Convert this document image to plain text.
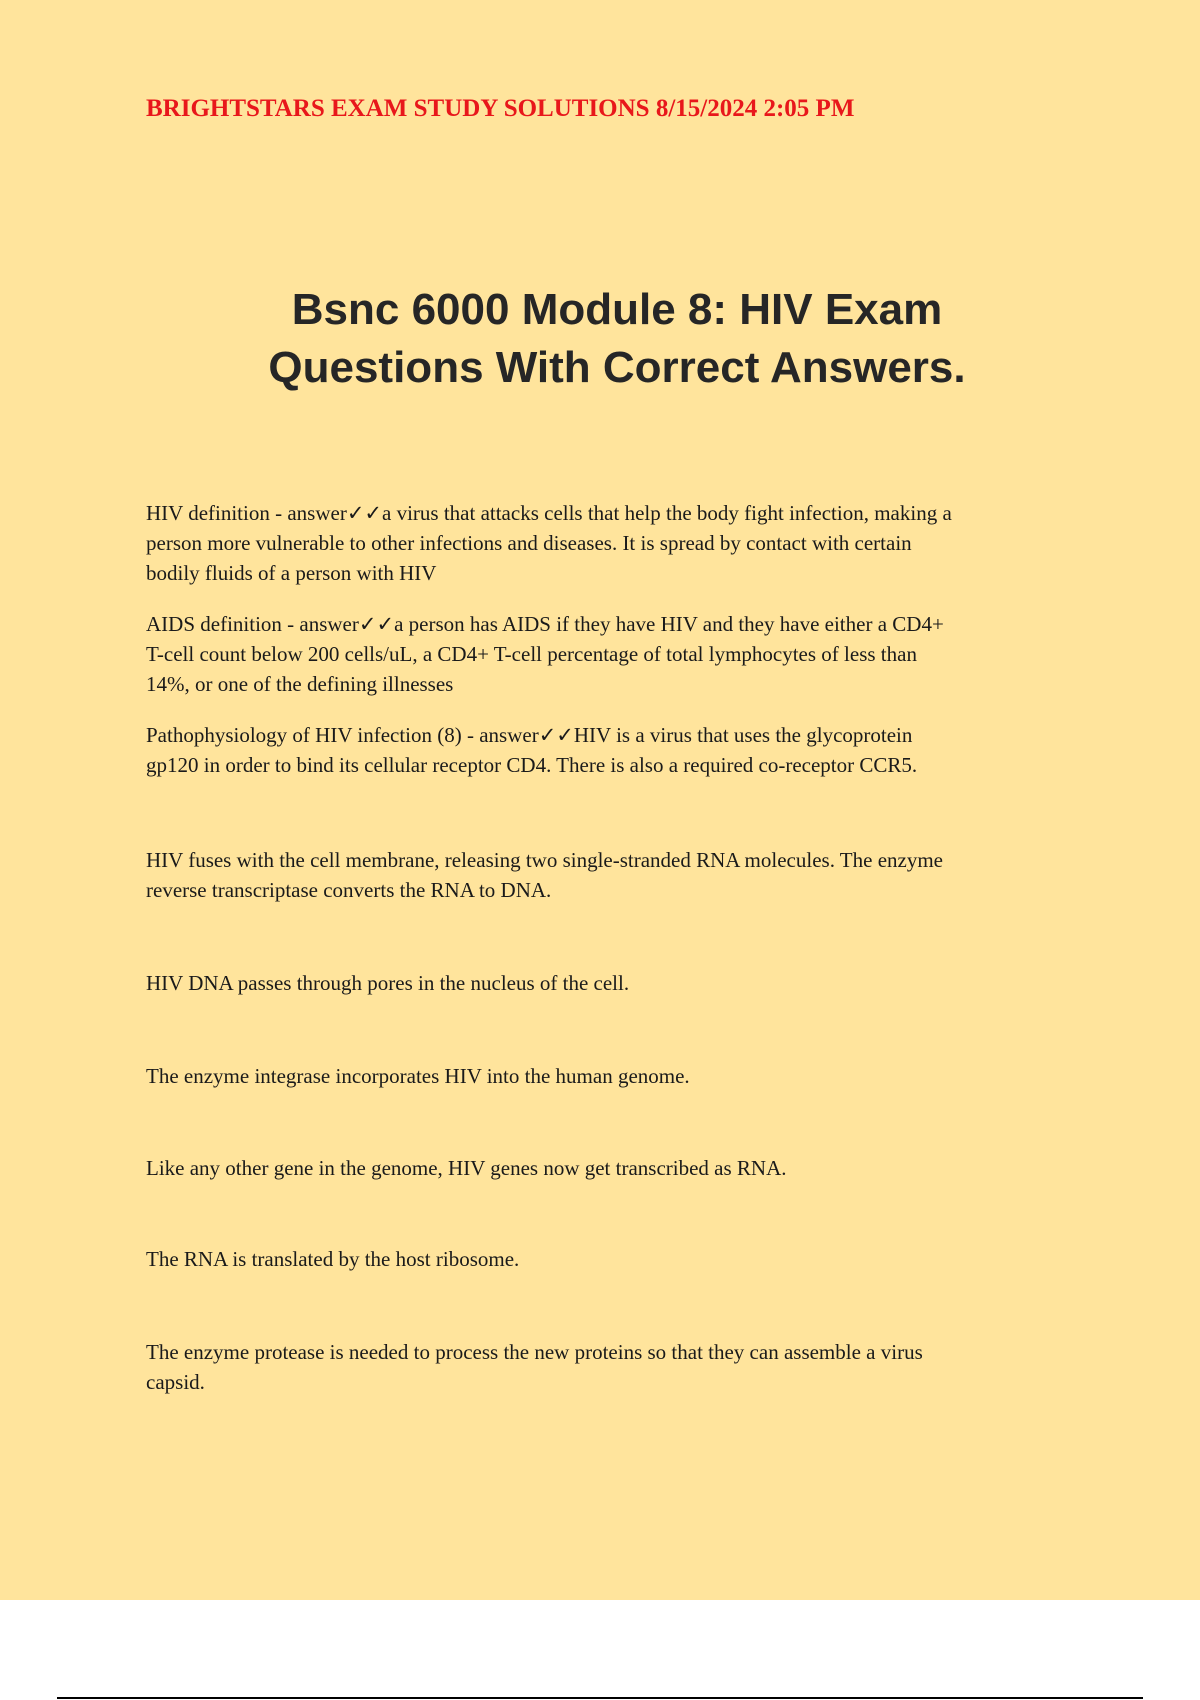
BRIGHTSTARS EXAM STUDY SOLUTIONS 8/15/2024 2:05 PM
Bsnc 6000 Module 8: HIV Exam
Questions With Correct Answers.

HIV definition - answer✓✓a virus that attacks cells that help the body fight infection, making a

person more vulnerable to other infections and diseases. It is spread by contact with certain

bodily fluids of a person with HIV

AIDS definition - answer✓✓a person has AIDS if they have HIV and they have either a CD4+

T-cell count below 200 cells/uL, a CD4+ T-cell percentage of total lymphocytes of less than

14%, or one of the defining illnesses

Pathophysiology of HIV infection (8) - answer✓✓HIV is a virus that uses the glycoprotein

gp120 in order to bind its cellular receptor CD4. There is also a required co-receptor CCR5.

HIV fuses with the cell membrane, releasing two single-stranded RNA molecules. The enzyme

reverse transcriptase converts the RNA to DNA.

HIV DNA passes through pores in the nucleus of the cell.

The enzyme integrase incorporates HIV into the human genome.

Like any other gene in the genome, HIV genes now get transcribed as RNA.

The RNA is translated by the host ribosome.

The enzyme protease is needed to process the new proteins so that they can assemble a virus

capsid.
